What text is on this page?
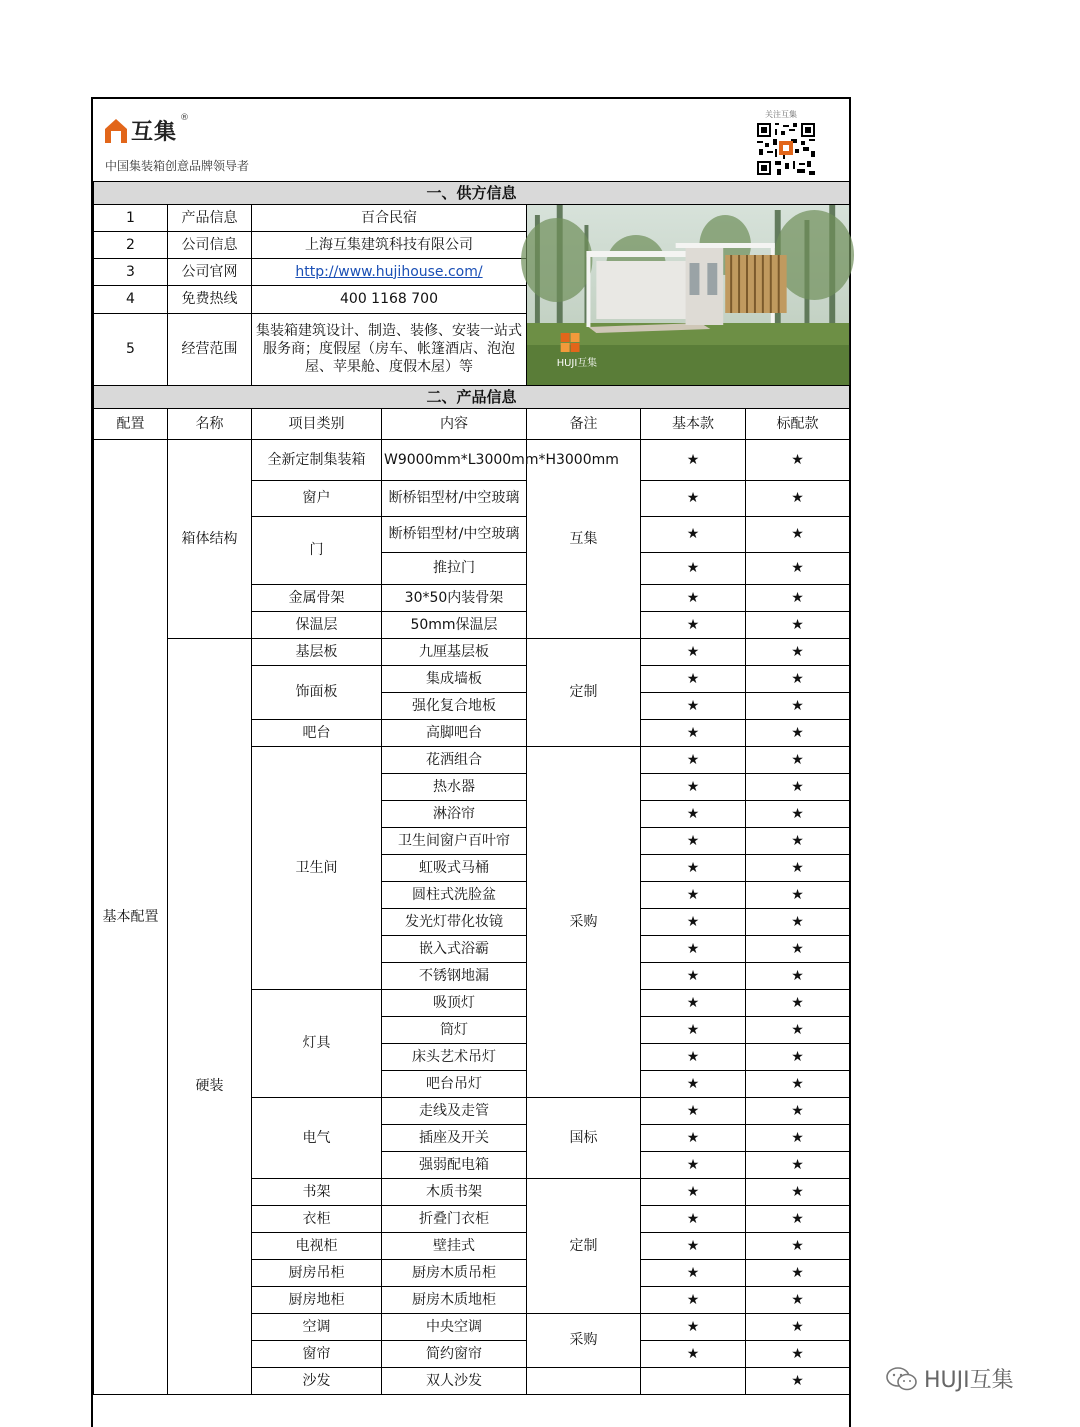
互集
®
中国集装箱创意品牌领导者
关注互集
一、供方信息						
1	产品信息	百合民宿		HUJI互集		

2	公司信息	上海互集建筑科技有限公司				
3	公司官网	http://www.hujihouse.com/				
4	免费热线	400 1168 700				
5	经营范围	集装箱建筑设计、制造、装修、安装一站式服务商；度假屋（房车、帐篷酒店、泡泡屋、苹果舱、度假木屋）等				
二、产品信息						
配置	名称	项目类别	内容	备注	基本款	标配款
基本配置	箱体结构	全新定制集装箱	W9000mm*L3000mm*H3000mm	互集	★	★
		窗户	断桥铝型材/中空玻璃		★	★
		门	断桥铝型材/中空玻璃		★	★
			推拉门		★	★
		金属骨架	30*50内装骨架		★	★
		保温层	50mm保温层		★	★
	硬装	基层板	九厘基层板	定制	★	★
		饰面板	集成墙板		★	★
			强化复合地板		★	★
		吧台	高脚吧台		★	★
		卫生间	花洒组合	采购	★	★
			热水器		★	★
			淋浴帘		★	★
			卫生间窗户百叶帘		★	★
			虹吸式马桶		★	★
			圆柱式洗脸盆		★	★
			发光灯带化妆镜		★	★
			嵌入式浴霸		★	★
			不锈钢地漏		★	★
		灯具	吸顶灯		★	★
			筒灯		★	★
			床头艺术吊灯		★	★
			吧台吊灯		★	★
		电气	走线及走管	国标	★	★
			插座及开关		★	★
			强弱配电箱		★	★
		书架	木质书架	定制	★	★
		衣柜	折叠门衣柜		★	★
		电视柜	壁挂式		★	★
		厨房吊柜	厨房木质吊柜		★	★
		厨房地柜	厨房木质地柜		★	★
		空调	中央空调	采购	★	★
		窗帘	简约窗帘		★	★
		沙发	双人沙发			★	HUJI互集
